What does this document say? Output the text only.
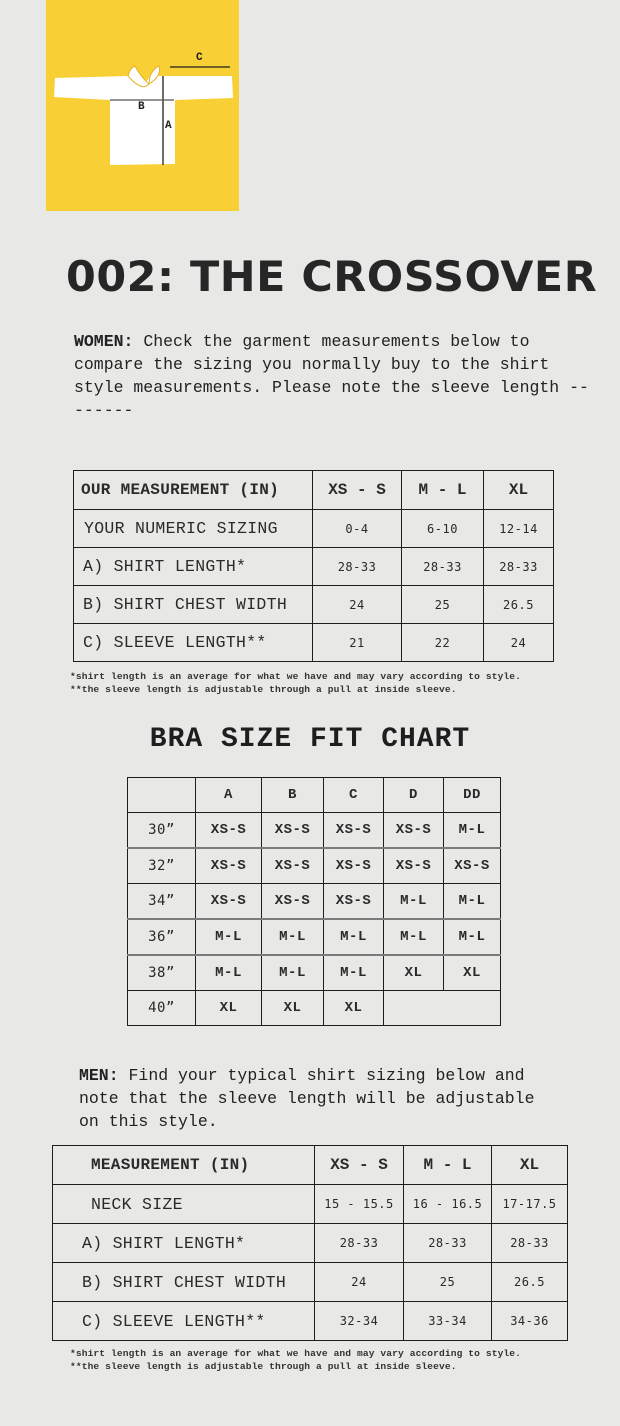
C
B
A
002: THE CROSSOVER

WOMEN: Check the garment measurements below to compare the sizing you normally buy to the shirt style measurements. Please note the sleeve length --------

OUR MEASUREMENT (IN)	XS - S	M - L	XL
YOUR NUMERIC SIZING	0-4	6-10	12-14
A) SHIRT LENGTH*	28-33	28-33	28-33
B) SHIRT CHEST WIDTH	24	25	26.5
C) SLEEVE LENGTH**	21	22	24

*shirt length is an average for what we have and may vary according to style.

**the sleeve length is adjustable through a pull at inside sleeve.

BRA SIZE FIT CHART
	A	B	C	D	DD
30”	XS-S	XS-S	XS-S	XS-S	M-L
32”	XS-S	XS-S	XS-S	XS-S	XS-S
34”	XS-S	XS-S	XS-S	M-L	M-L
36”	M-L	M-L	M-L	M-L	M-L
38”	M-L	M-L	M-L	XL	XL
40”	XL	XL	XL		

MEN: Find your typical shirt sizing below and note that the sleeve length will be adjustable on this style.

MEASUREMENT (IN)	XS - S	M - L	XL
NECK SIZE	15 - 15.5	16 - 16.5	17-17.5
A) SHIRT LENGTH*	28-33	28-33	28-33
B) SHIRT CHEST WIDTH	24	25	26.5
C) SLEEVE LENGTH**	32-34	33-34	34-36

*shirt length is an average for what we have and may vary according to style.

**the sleeve length is adjustable through a pull at inside sleeve.
